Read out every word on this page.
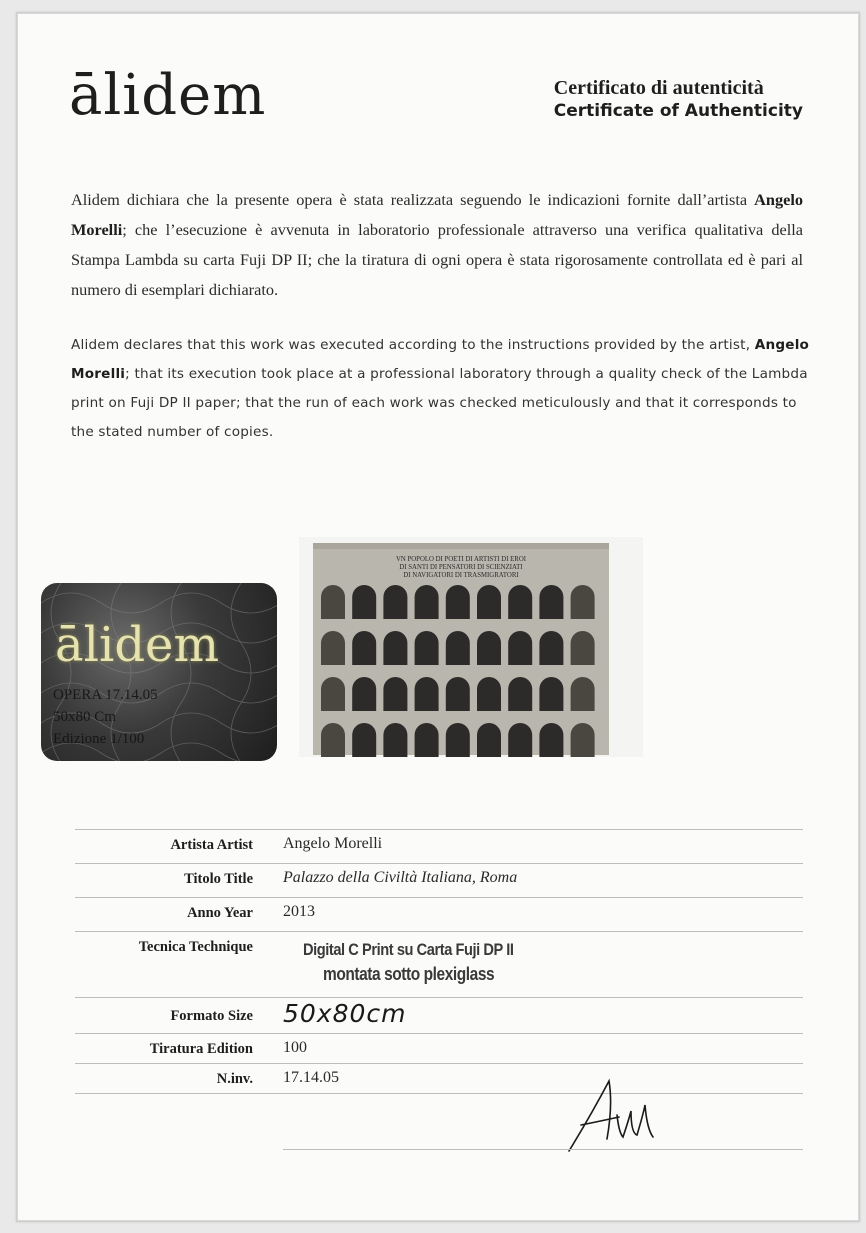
ālidem	Certificato di autenticità
Certificate of Authenticity
Alidem dichiara che la presente opera è stata realizzata seguendo le indicazioni fornite dall’artista Angelo Morelli; che l’esecuzione è avvenuta in laboratorio professionale attraverso una verifica qualitativa della Stampa Lambda su carta Fuji DP II; che la tiratura di ogni opera è stata rigorosamente controllata ed è pari al numero di esemplari dichiarato.
Alidem declares that this work was executed according to the instructions provided by the artist, Angelo Morelli; that its execution took place at a professional laboratory through a quality check of the Lambda print on Fuji DP II paper; that the run of each work was checked meticulously and that it corresponds to the stated number of copies.
ālidem
OPERA 17.14.05
50x80 Cm
Edizione 1/100
VN POPOLO DI POETI DI ARTISTI DI EROI
DI SANTI DI PENSATORI DI SCIENZIATI
DI NAVIGATORI DI TRASMIGRATORI
Artista Artist Angelo Morelli
Titolo Title Palazzo della Civiltà Italiana, Roma
Anno Year 2013
Tecnica Technique	Digital C Print su Carta Fuji DP II
montata sotto plexiglass
Formato Size 50x80cm
Tiratura Edition 100
N.inv. 17.14.05
